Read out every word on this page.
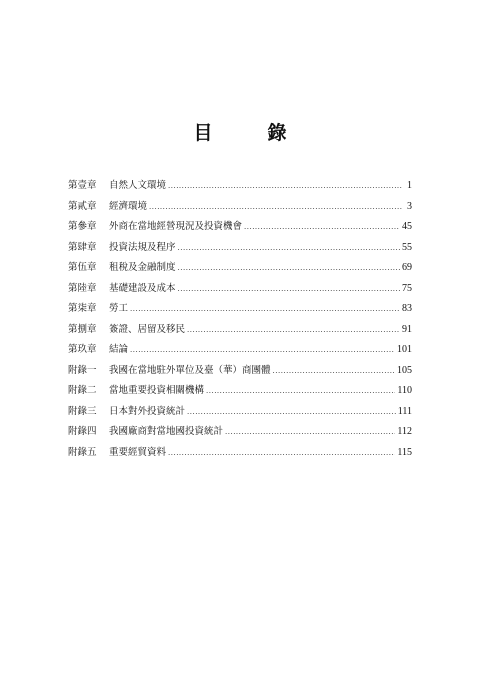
目　錄
第壹章	自然人文環境 .....	1
第貳章	經濟環境 .....	3
第參章	外商在當地經營現況及投資機會 .....	45
第肆章	投資法規及程序 .....	55
第伍章	租稅及金融制度 .....	69
第陸章	基礎建設及成本 .....	75
第柒章	勞工 .....	83
第捌章	簽證、居留及移民 .....	91
第玖章	結論 .....	101
附錄一	我國在當地駐外單位及臺（華）商團體 .....	105
附錄二	當地重要投資相關機構 .....	110
附錄三	日本對外投資統計 .....	111
附錄四	我國廠商對當地國投資統計 .....	112
附錄五	重要經貿資料 .....	115
